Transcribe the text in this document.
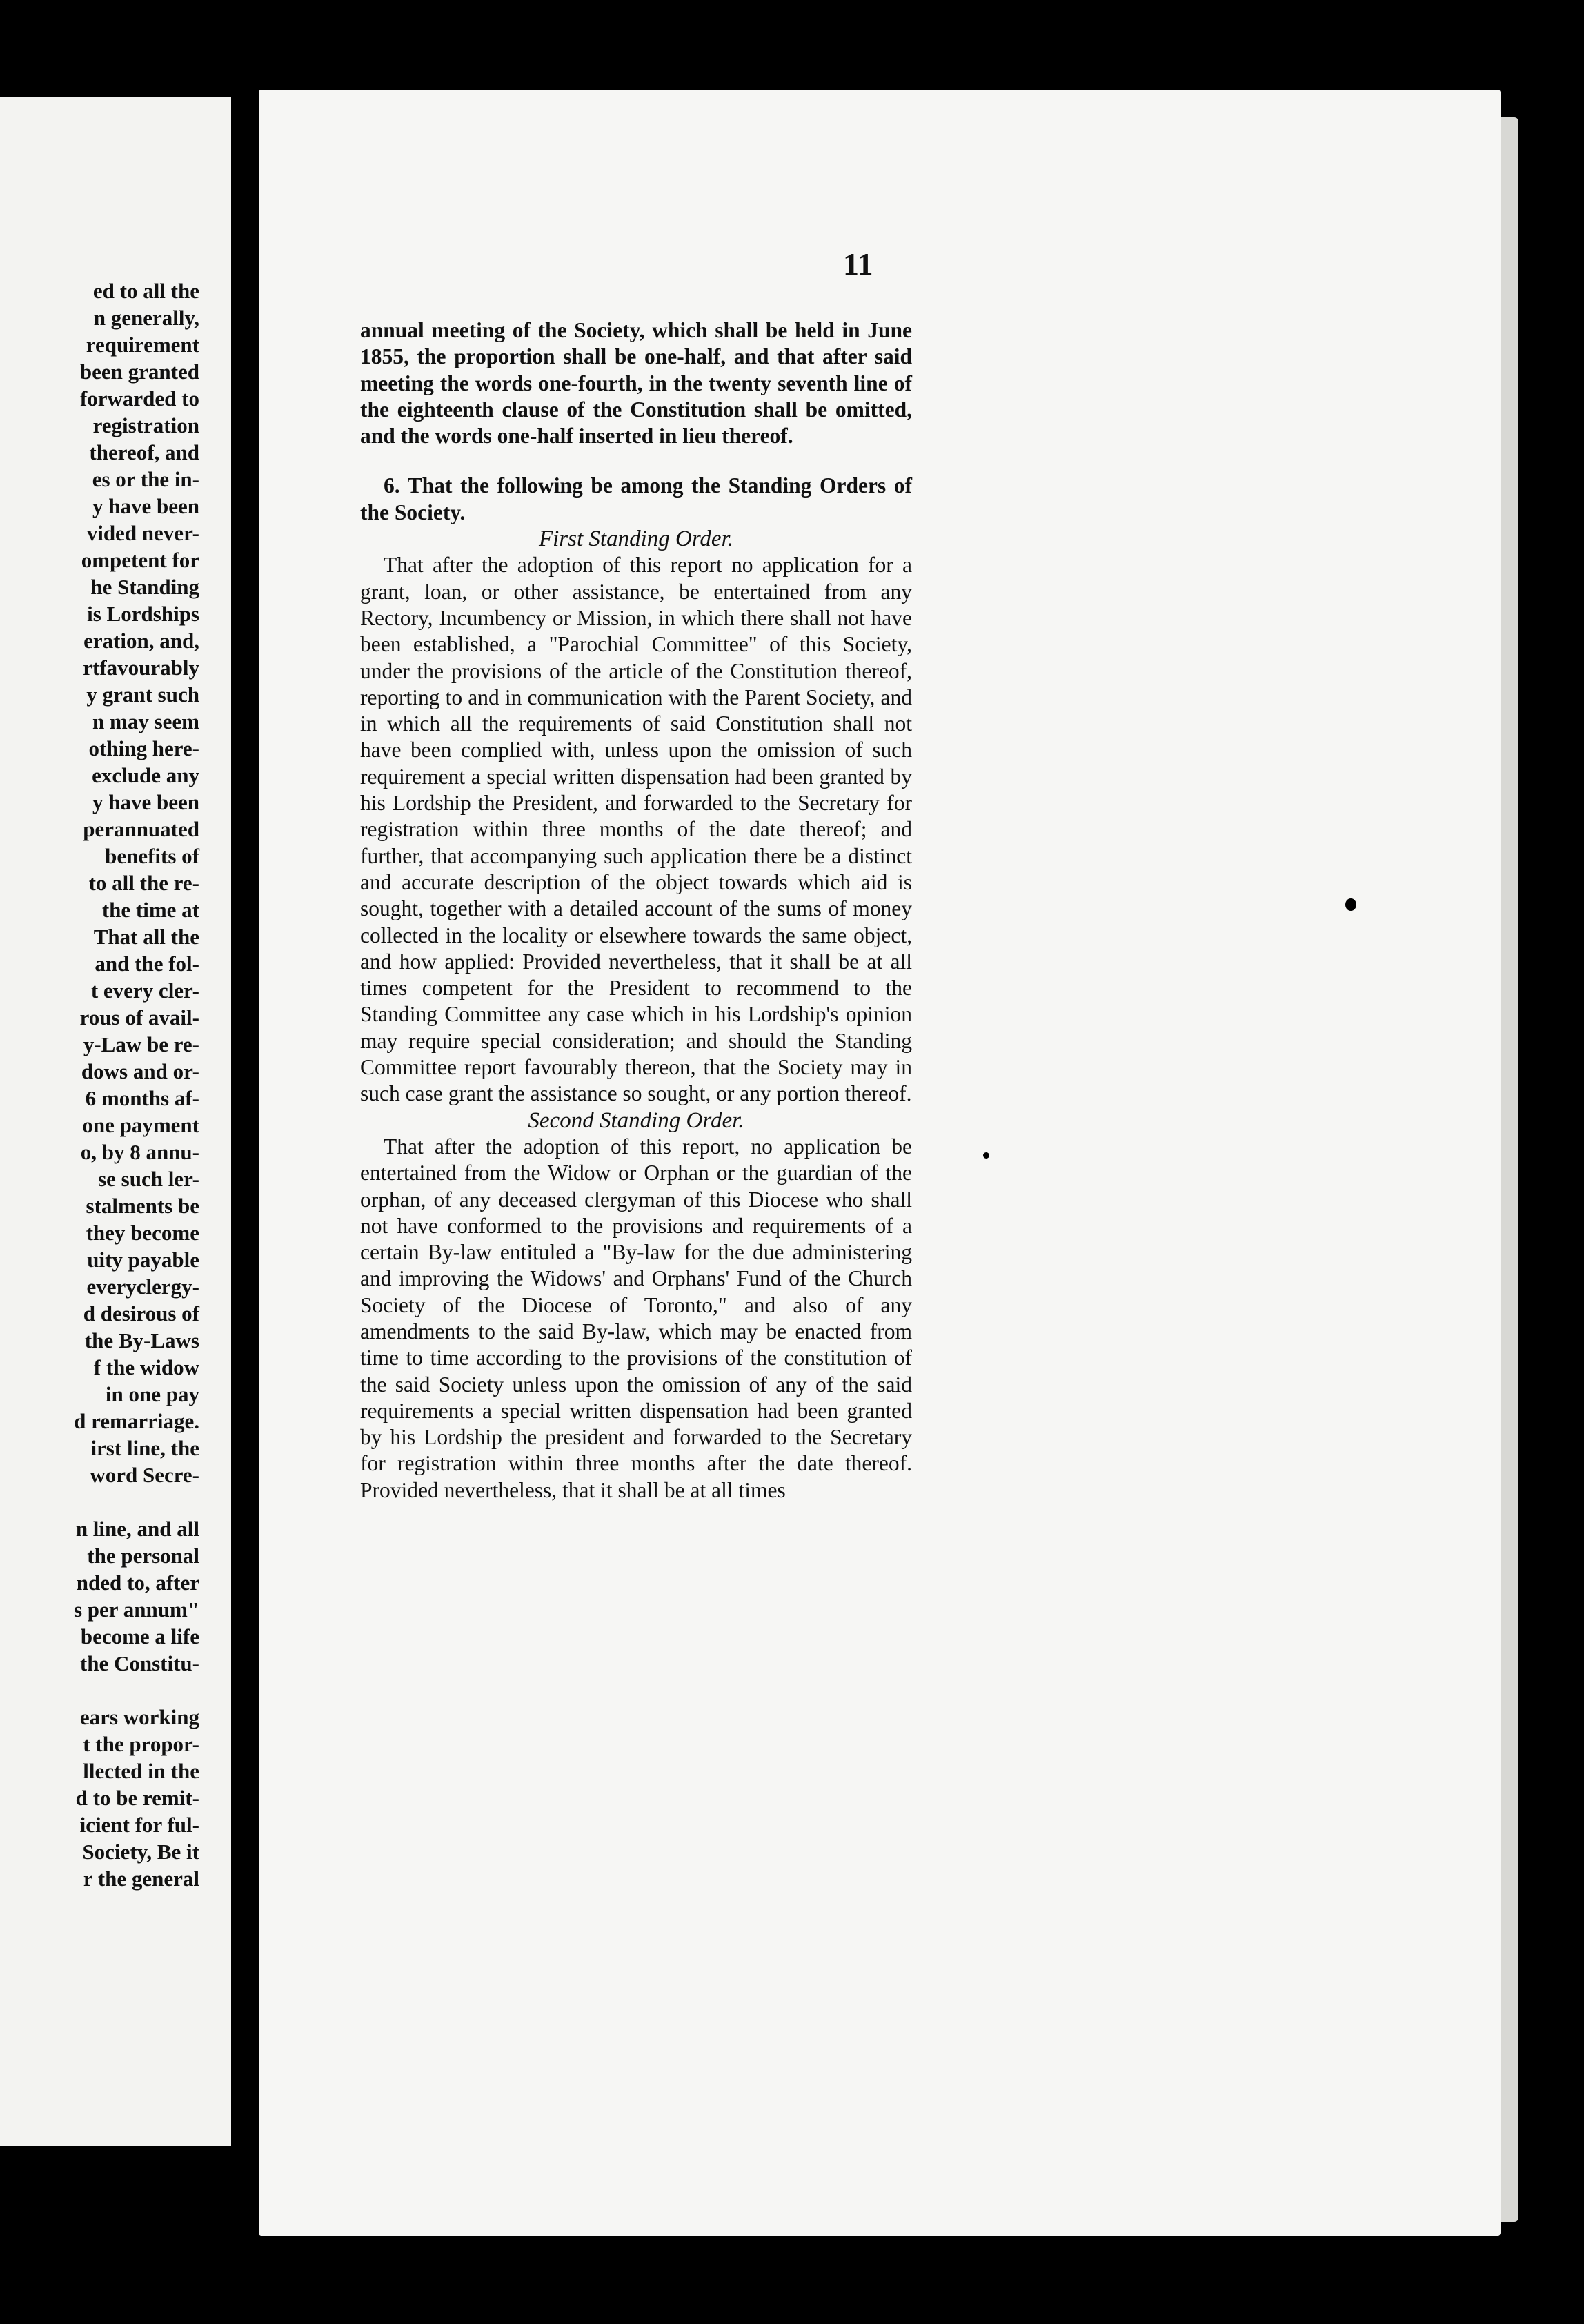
ed to all the
n generally,
requirement
been granted
forwarded to
registration
thereof, and
es or the in-
y have been
vided never-
ompetent for
he Standing
is Lordships
eration, and,
rtfavourably
y grant such
n may seem
othing here-
exclude any
y have been
perannuated
benefits of
to all the re-
the time at
That all the
and the fol-
t every cler-
rous of avail-
y-Law be re-
dows and or-
6 months af-
one payment
o, by 8 annu-
se such ler-
stalments be
they become
uity payable
everyclergy-
d desirous of
the By-Laws
f the widow
in one pay
d remarriage.
irst line, the
word Secre-
n line, and all
the personal
nded to, after
s per annum"
become a life
the Constitu-
ears working
t the propor-
llected in the
d to be remit-
icient for ful-
Society, Be it
r the general
11

annual meeting of the Society, which shall be held in June 1855, the proportion shall be one-half, and that after said meeting the words one-fourth, in the twenty seventh line of the eighteenth clause of the Constitution shall be omitted, and the words one-half inserted in lieu thereof.

6. That the following be among the Standing Orders of the Society.

First Standing Order.

That after the adoption of this report no application for a grant, loan, or other assistance, be entertained from any Rectory, Incumbency or Mission, in which there shall not have been established, a "Parochial Committee" of this Society, under the provisions of the article of the Constitution thereof, reporting to and in communication with the Parent Society, and in which all the requirements of said Constitution shall not have been complied with, unless upon the omission of such requirement a special written dispensation had been granted by his Lordship the President, and forwarded to the Secretary for registration within three months of the date thereof; and further, that accompanying such application there be a distinct and accurate description of the object towards which aid is sought, together with a detailed account of the sums of money collected in the locality or elsewhere towards the same object, and how applied: Provided nevertheless, that it shall be at all times competent for the President to recommend to the Standing Committee any case which in his Lordship's opinion may require special consideration; and should the Standing Committee report favourably thereon, that the Society may in such case grant the assistance so sought, or any portion thereof.

Second Standing Order.

That after the adoption of this report, no application be entertained from the Widow or Orphan or the guardian of the orphan, of any deceased clergyman of this Diocese who shall not have conformed to the provisions and requirements of a certain By-law entituled a "By-law for the due administering and improving the Widows' and Orphans' Fund of the Church Society of the Diocese of Toronto," and also of any amendments to the said By-law, which may be enacted from time to time according to the provisions of the constitution of the said Society unless upon the omission of any of the said requirements a special written dispensation had been granted by his Lordship the president and forwarded to the Secretary for registration within three months after the date thereof. Provided nevertheless, that it shall be at all times
